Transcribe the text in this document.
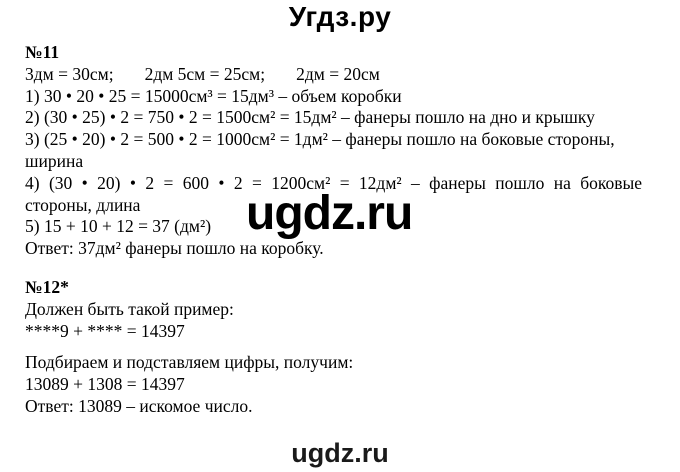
Угдз.ру
№11
3дм = 30см; 2дм 5см = 25см; 2дм = 20см
1) 30 • 20 • 25 = 15000см³ = 15дм³ – объем коробки
2) (30 • 25) • 2 = 750 • 2 = 1500см² = 15дм² – фанеры пошло на дно и крышку
3) (25 • 20) • 2 = 500 • 2 = 1000см² = 1дм² – фанеры пошло на боковые стороны,
ширина
4) (30 • 20) • 2 = 600 • 2 = 1200см² = 12дм² – фанеры пошло на боковые
стороны, длина
5) 15 + 10 + 12 = 37 (дм²)
Ответ: 37дм² фанеры пошло на коробку.
ugdz.ru
№12*
Должен быть такой пример:
****9 + **** = 14397
Подбираем и подставляем цифры, получим:
13089 + 1308 = 14397
Ответ: 13089 – искомое число.
ugdz.ru
